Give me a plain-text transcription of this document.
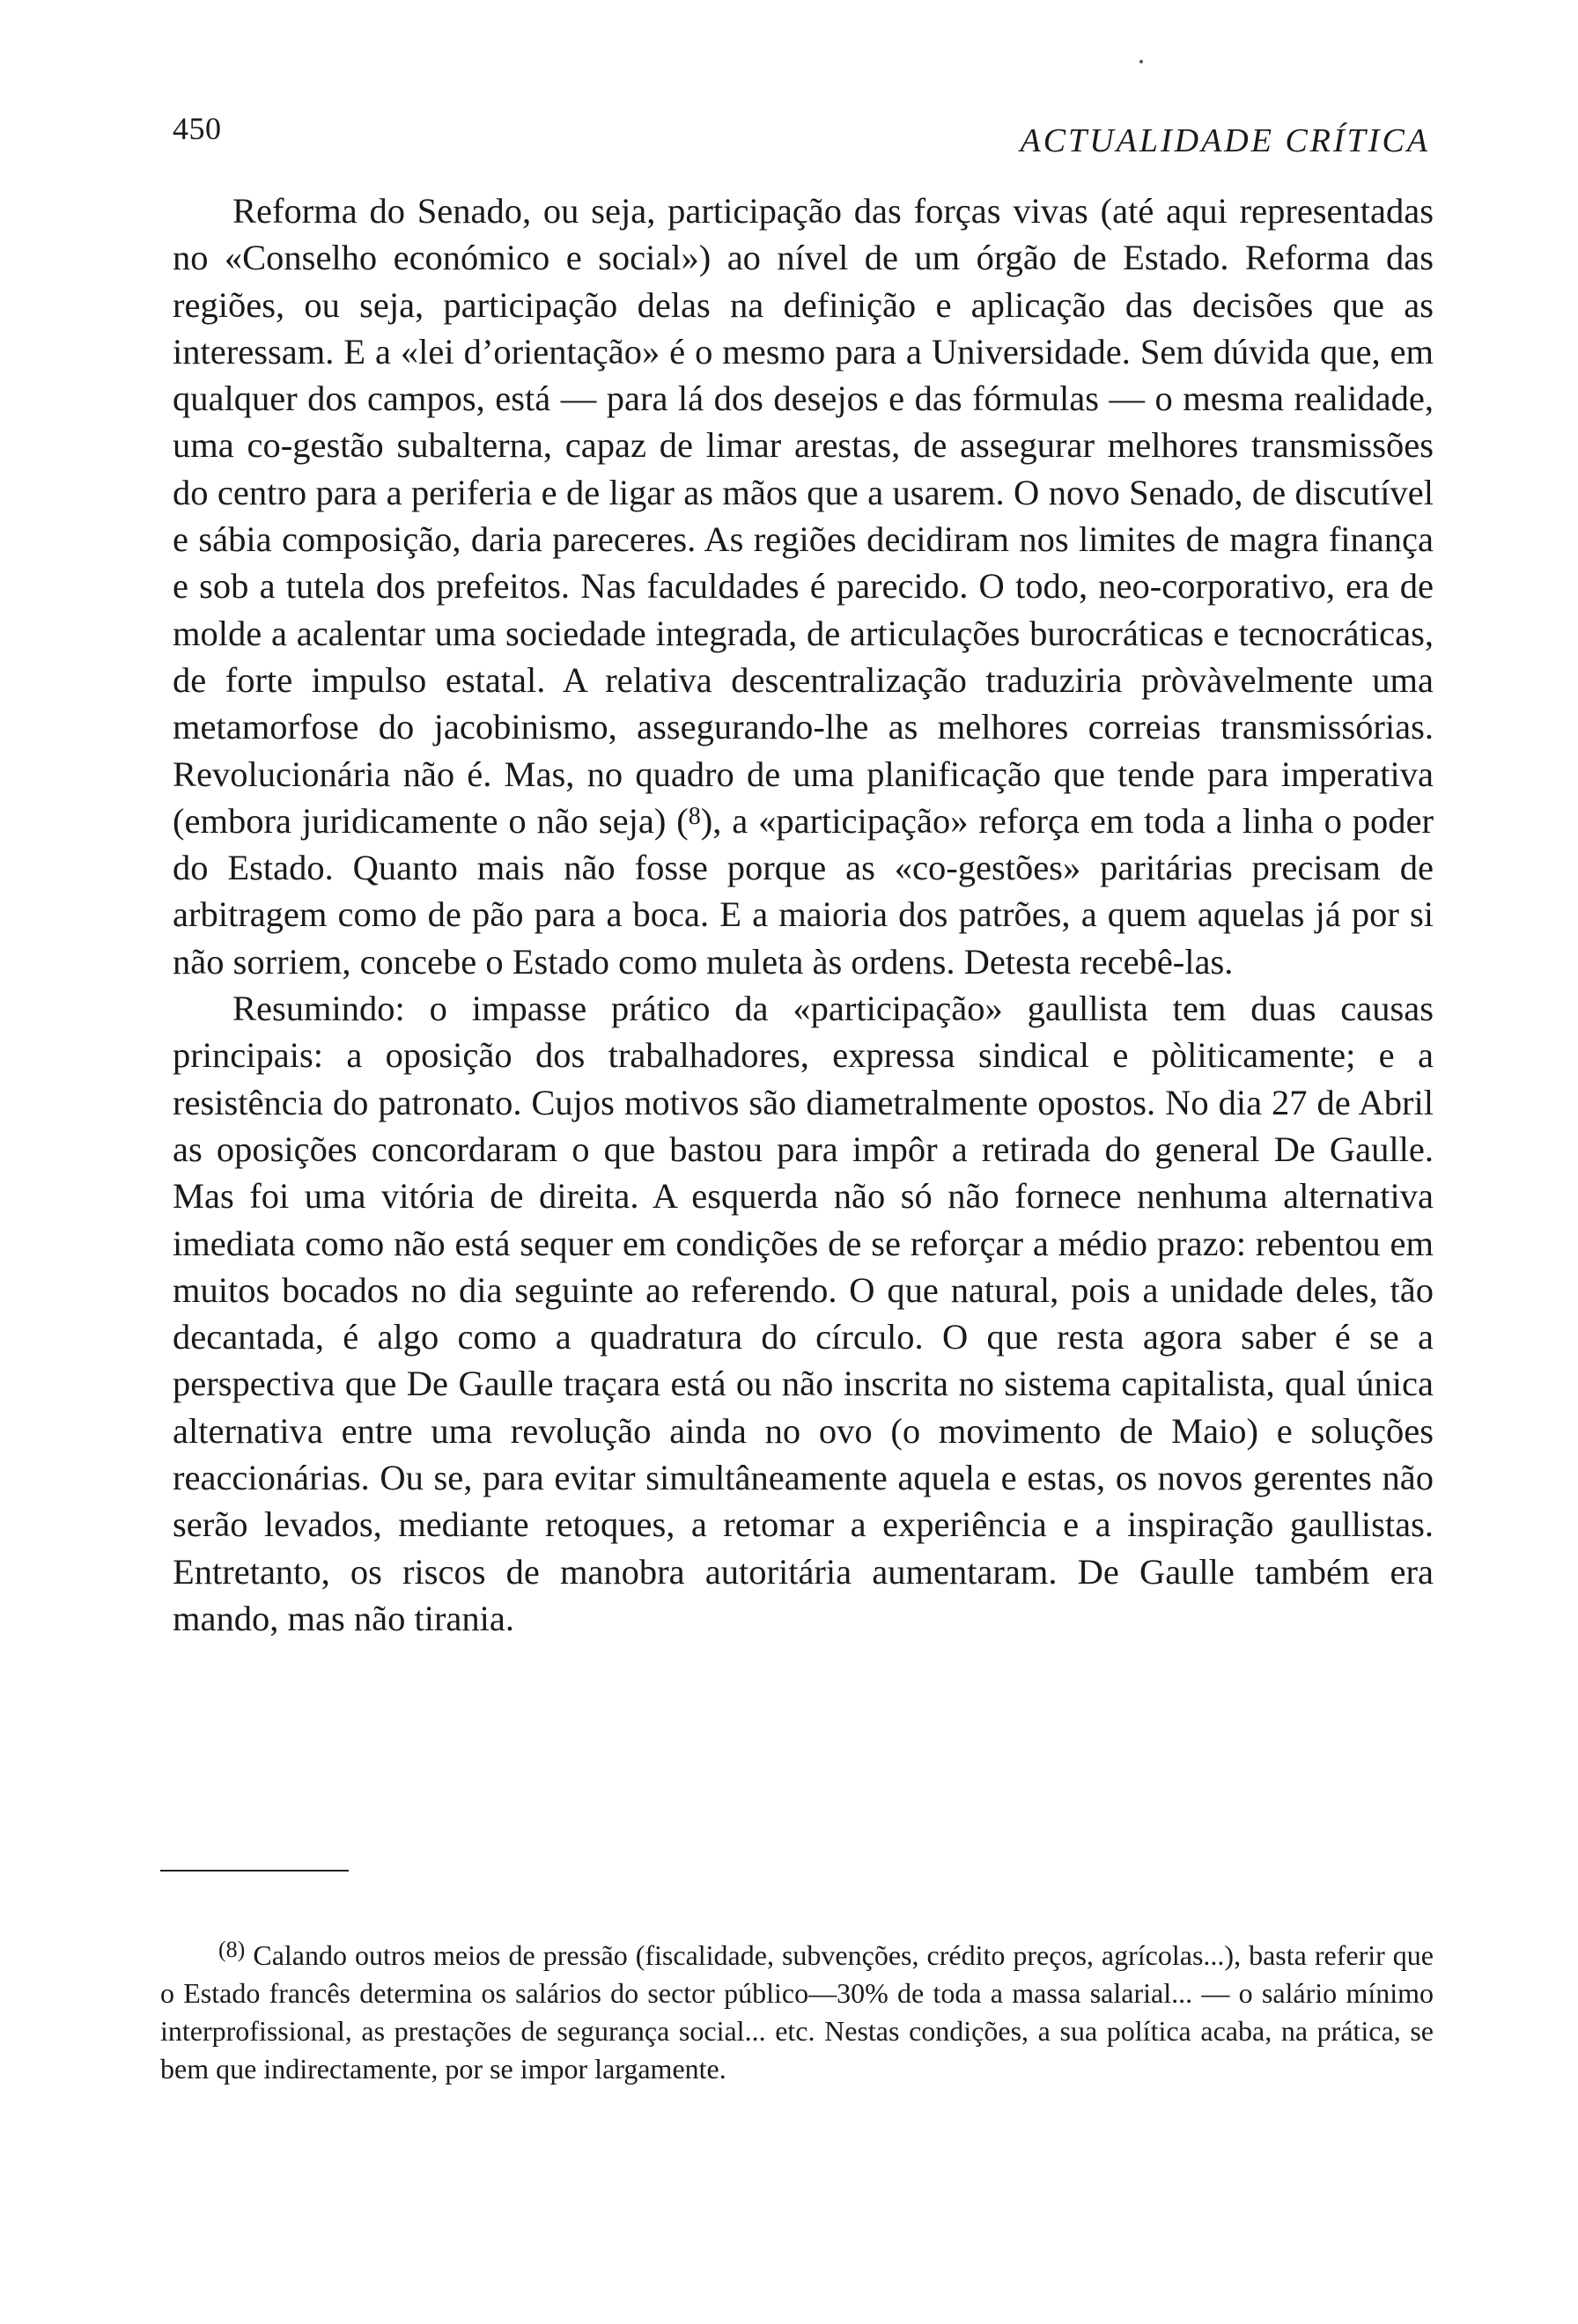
450	ACTUALIDADE CRÍTICA

Reforma do Senado, ou seja, participação das forças vivas (até aqui representadas no «Conselho económico e social») ao nível de um órgão de Estado. Reforma das regiões, ou seja, participação delas na definição e aplicação das decisões que as interessam. E a «lei d’orientação» é o mesmo para a Universidade. Sem dúvida que, em qualquer dos campos, está — para lá dos desejos e das fórmulas — o mesma realidade, uma co-gestão subalterna, capaz de limar arestas, de assegurar melhores transmissões do centro para a periferia e de ligar as mãos que a usarem. O novo Senado, de discutível e sábia composição, daria pareceres. As regiões decidiram nos limites de magra finança e sob a tutela dos prefeitos. Nas faculdades é parecido. O todo, neo-corporativo, era de molde a acalentar uma sociedade integrada, de articulações burocráticas e tecnocráticas, de forte impulso estatal. A relativa descentralização traduziria pròvàvelmente uma metamorfose do jacobinismo, assegurando-lhe as melhores correias transmissórias. Revolucionária não é. Mas, no quadro de uma planificação que tende para imperativa (embora juridicamente o não seja) ($^8$), a «participação» reforça em toda a linha o poder do Estado. Quanto mais não fosse porque as «co-gestões» paritárias precisam de arbitragem como de pão para a boca. E a maioria dos patrões, a quem aquelas já por si não sorriem, concebe o Estado como muleta às ordens. Detesta recebê-las.

Resumindo: o impasse prático da «participação» gaullista tem duas causas principais: a oposição dos trabalhadores, expressa sindical e pòliticamente; e a resistência do patronato. Cujos motivos são diametralmente opostos. No dia 27 de Abril as oposições concordaram o que bastou para impôr a retirada do general De Gaulle. Mas foi uma vitória de direita. A esquerda não só não fornece nenhuma alternativa imediata como não está sequer em condições de se reforçar a médio prazo: rebentou em muitos bocados no dia seguinte ao referendo. O que natural, pois a unidade deles, tão decantada, é algo como a quadratura do círculo. O que resta agora saber é se a perspectiva que De Gaulle traçara está ou não inscrita no sistema capitalista, qual única alternativa entre uma revolução ainda no ovo (o movimento de Maio) e soluções reaccionárias. Ou se, para evitar simultâneamente aquela e estas, os novos gerentes não serão levados, mediante retoques, a retomar a experiência e a inspiração gaullistas. Entretanto, os riscos de manobra autoritária aumentaram. De Gaulle também era mando, mas não tirania.

$^{(8)}$ Calando outros meios de pressão (fiscalidade, subvenções, crédito preços, agrícolas...), basta referir que o Estado francês determina os salários do sector público—30% de toda a massa salarial... — o salário mínimo interprofissional, as prestações de segurança social... etc. Nestas condições, a sua política acaba, na prática, se bem que indirectamente, por se impor largamente.
